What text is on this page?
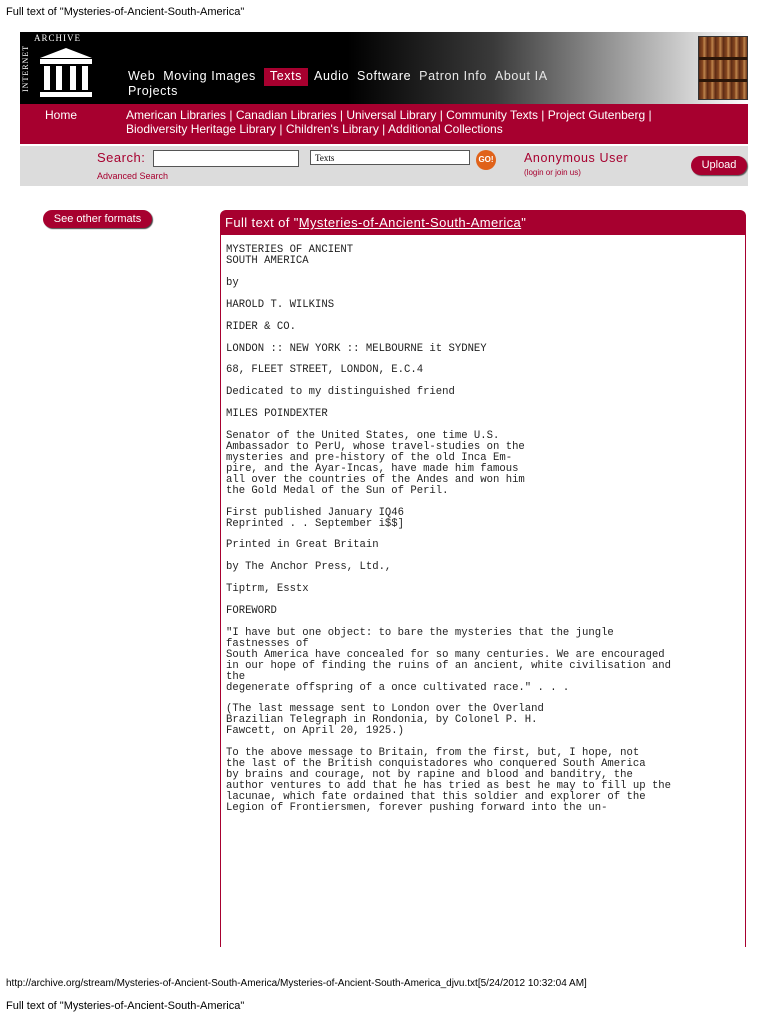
Full text of "Mysteries-of-Ancient-South-America"
INTERNET
ARCHIVE
Web Moving Images Texts Audio Software Patron Info About IA
Projects
Home	American Libraries | Canadian Libraries | Universal Library | Community Texts | Project Gutenberg |
Biodiversity Heritage Library | Children's Library | Additional Collections
Search:	Texts	GO!
Advanced Search
Anonymous User
(login or join us)
Upload
See other formats	Full text of "Mysteries-of-Ancient-South-America"

MYSTERIES OF ANCIENT
SOUTH AMERICA

by

HAROLD T. WILKINS

RIDER & CO.

LONDON :: NEW YORK :: MELBOURNE it SYDNEY

68, FLEET STREET, LONDON, E.C.4

Dedicated to my distinguished friend

MILES POINDEXTER

Senator of the United States, one time U.S.
Ambassador to PerU, whose travel-studies on the
mysteries and pre-history of the old Inca Em-
pire, and the Ayar-Incas, have made him famous
all over the countries of the Andes and won him
the Gold Medal of the Sun of Peril.

First published January IQ46
Reprinted . . September i$$]

Printed in Great Britain

by The Anchor Press, Ltd.,

Tiptrm, Esstx

FOREWORD

"I have but one object: to bare the mysteries that the jungle
fastnesses of
South America have concealed for so many centuries. We are encouraged
in our hope of finding the ruins of an ancient, white civilisation and
the
degenerate offspring of a once cultivated race." . . .

(The last message sent to London over the Overland
Brazilian Telegraph in Rondonia, by Colonel P. H.
Fawcett, on April 20, 1925.)

To the above message to Britain, from the first, but, I hope, not
the last of the British conquistadores who conquered South America
by brains and courage, not by rapine and blood and banditry, the
author ventures to add that he has tried as best he may to fill up the
lacunae, which fate ordained that this soldier and explorer of the
Legion of Frontiersmen, forever pushing forward into the un-

http://archive.org/stream/Mysteries-of-Ancient-South-America/Mysteries-of-Ancient-South-America_djvu.txt[5/24/2012 10:32:04 AM]
Full text of "Mysteries-of-Ancient-South-America"
